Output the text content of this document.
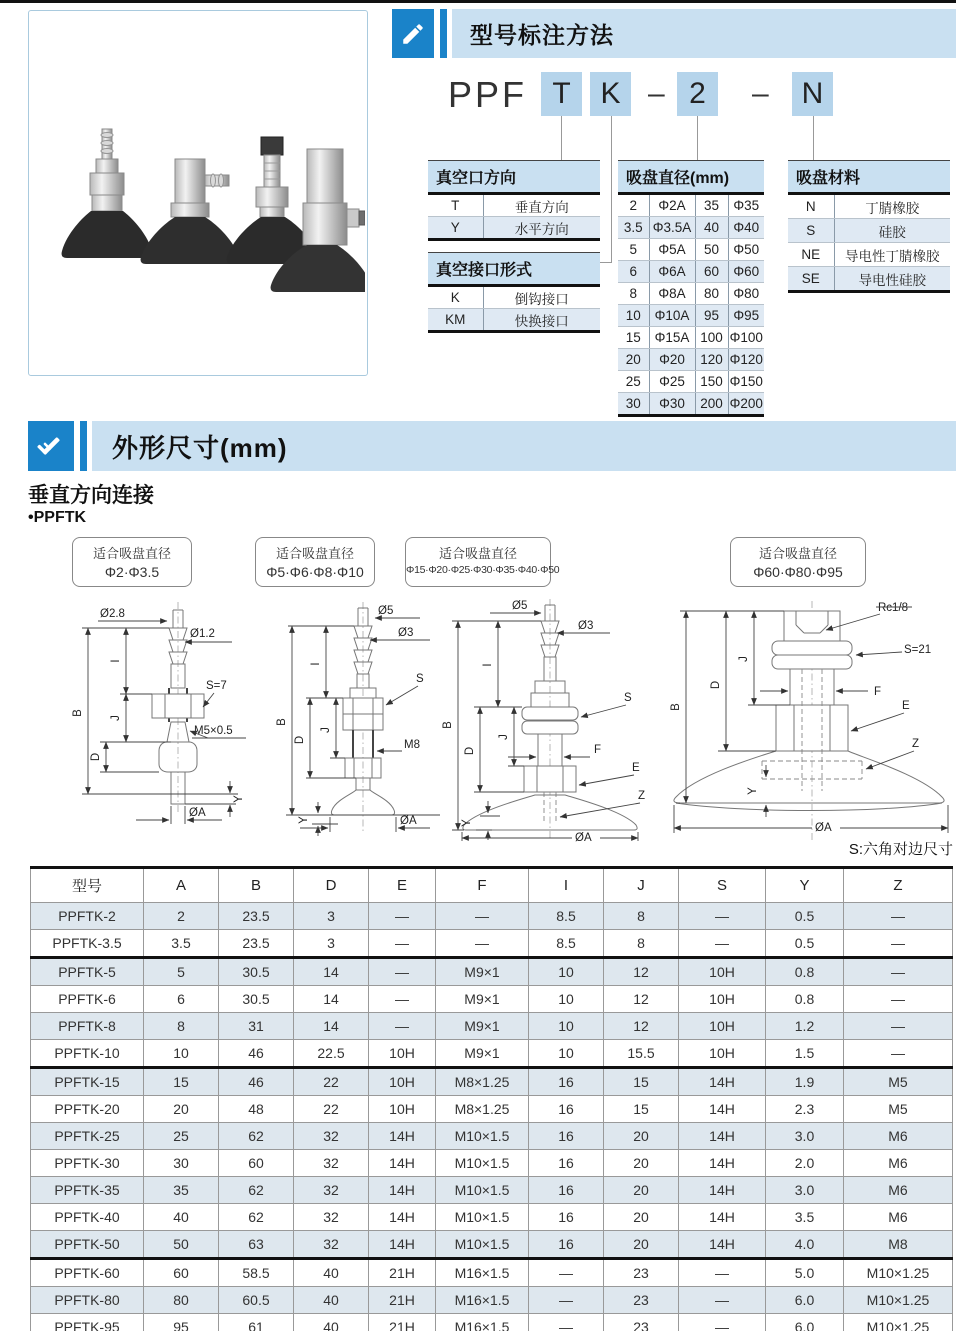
型号标注方法
PPF T K – 2	–	N
真空口方向	
T	垂直方向
Y	水平方向
真空接口形式	
K	倒钩接口
KM	快换接口
吸盘直径(mm)			
2	Φ2A	35	Φ35
3.5	Φ3.5A	40	Φ40
5	Φ5A	50	Φ50
6	Φ6A	60	Φ60
8	Φ8A	80	Φ80
10	Φ10A	95	Φ95
15	Φ15A	100	Φ100
20	Φ20	120	Φ120
25	Φ25	150	Φ150
30	Φ30	200	Φ200
吸盘材料	
N	丁腈橡胶
S	硅胶
NE	导电性丁腈橡胶
SE	导电性硅胶
外形尺寸(mm)
垂直方向连接
•PPFTK
适合吸盘直径
Φ2·Φ3.5
适合吸盘直径
Φ5·Φ6·Φ8·Φ10
适合吸盘直径
Φ15·Φ20·Φ25·Φ30·Φ35·Φ40·Φ50
适合吸盘直径
Φ60·Φ80·Φ95
Ø2.8
Ø1.2
S=7
M5×0.5
B
I
J
D
Y
ØA
Ø5
Ø3
S
M8
B
I
J
D
Y	ØA
Ø5
Ø3
S
F
E
Z
B
I
J
D
Y
ØA
Rc1/8
S=21
F
E
Z
B
J
D
Y
ØA
S:六角对边尺寸
型号	A	B	D	E	F	I	J	S	Y	Z
PPFTK-2	2	23.5	3	—	—	8.5	8	—	0.5	—
PPFTK-3.5	3.5	23.5	3	—	—	8.5	8	—	0.5	—
PPFTK-5	5	30.5	14	—	M9×1	10	12	10H	0.8	—
PPFTK-6	6	30.5	14	—	M9×1	10	12	10H	0.8	—
PPFTK-8	8	31	14	—	M9×1	10	12	10H	1.2	—
PPFTK-10	10	46	22.5	10H	M9×1	10	15.5	10H	1.5	—
PPFTK-15	15	46	22	10H	M8×1.25	16	15	14H	1.9	M5
PPFTK-20	20	48	22	10H	M8×1.25	16	15	14H	2.3	M5
PPFTK-25	25	62	32	14H	M10×1.5	16	20	14H	3.0	M6
PPFTK-30	30	60	32	14H	M10×1.5	16	20	14H	2.0	M6
PPFTK-35	35	62	32	14H	M10×1.5	16	20	14H	3.0	M6
PPFTK-40	40	62	32	14H	M10×1.5	16	20	14H	3.5	M6
PPFTK-50	50	63	32	14H	M10×1.5	16	20	14H	4.0	M8
PPFTK-60	60	58.5	40	21H	M16×1.5	—	23	—	5.0	M10×1.25
PPFTK-80	80	60.5	40	21H	M16×1.5	—	23	—	6.0	M10×1.25
PPFTK-95	95	61	40	21H	M16×1.5	—	23	—	6.0	M10×1.25
